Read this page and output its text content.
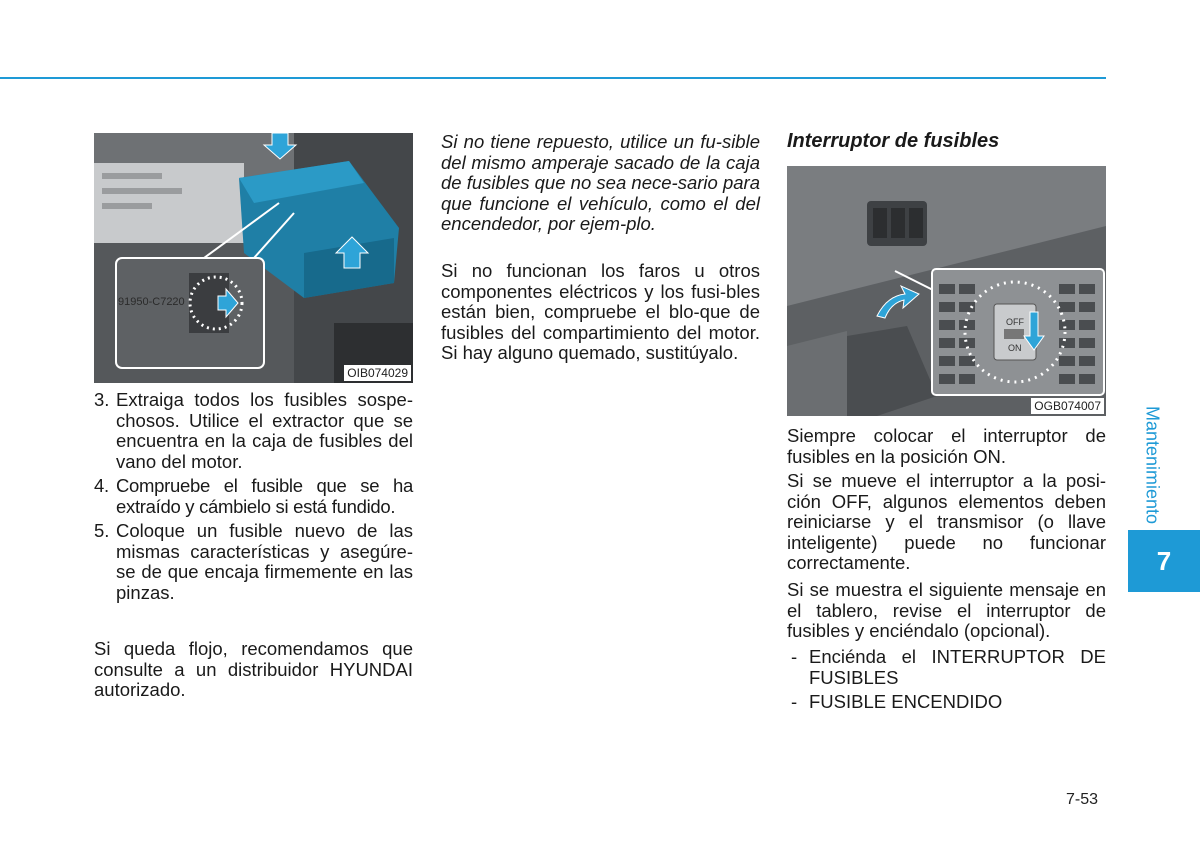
91950-C7220
OIB074029
3. Extraiga todos los fusibles sospe-chosos. Utilice el extractor que se encuentra en la caja de fusibles del vano del motor.
4. Compruebe el fusible que se ha extraído y cámbielo si está fundido.
5. Coloque un fusible nuevo de las mismas características y asegúre-se de que encaja firmemente en las pinzas.

Si queda flojo, recomendamos que consulte a un distribuidor HYUNDAI autorizado.

Si no tiene repuesto, utilice un fu-sible del mismo amperaje sacado de la caja de fusibles que no sea nece-sario para que funcione el vehículo, como el del encendedor, por ejem-plo.

Si no funcionan los faros u otros componentes eléctricos y los fusi-bles están bien, compruebe el blo-que de fusibles del compartimiento del motor. Si hay alguno quemado, sustitúyalo.

Interruptor de fusibles
OFF
ON
OGB074007

Siempre colocar el interruptor de fusibles en la posición ON.

Si se mueve el interruptor a la posi-ción OFF, algunos elementos deben reiniciarse y el transmisor (o llave inteligente) puede no funcionar correctamente.

Si se muestra el siguiente mensaje en el tablero, revise el interruptor de fusibles y enciéndalo (opcional).

- Enciénda el INTERRUPTOR DE FUSIBLES
- FUSIBLE ENCENDIDO
Mantenimiento
7
7-53
